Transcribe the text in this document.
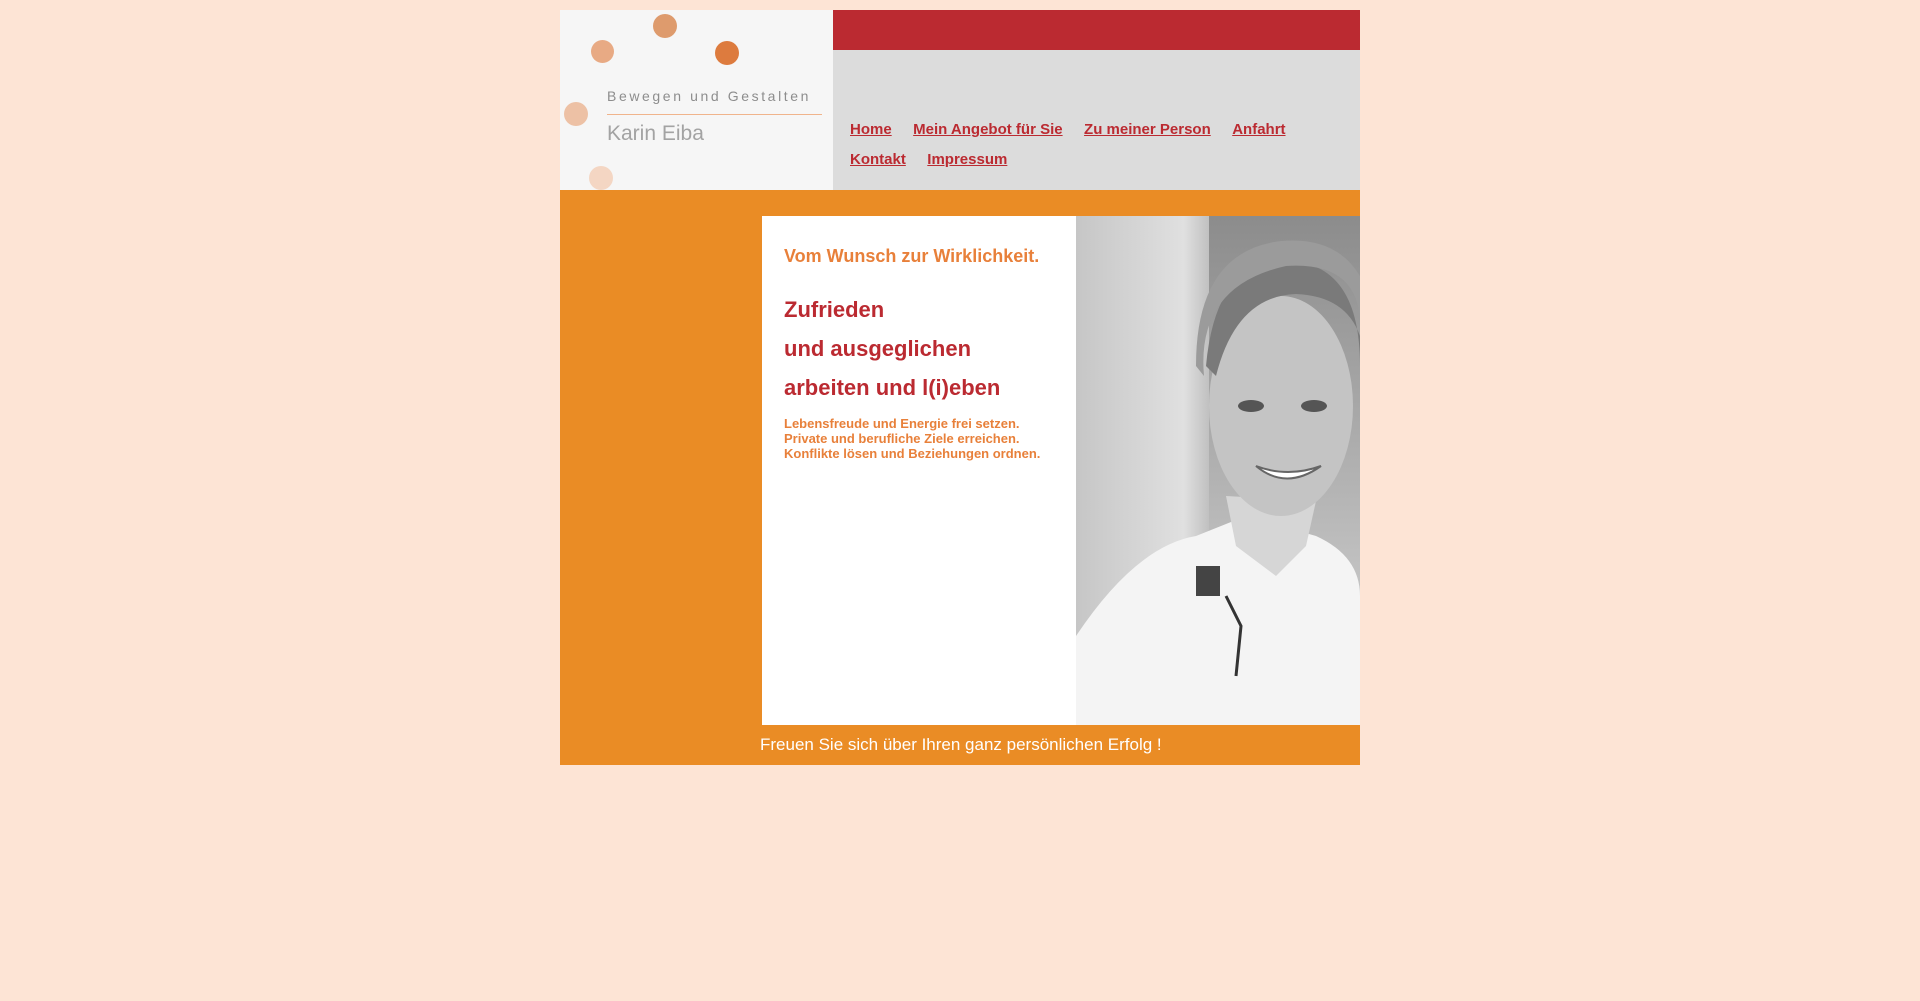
Bewegen und Gestalten
Karin Eiba	Home Mein Angebot für Sie Zu meiner Person Anfahrt Kontakt Impressum
Vom Wunsch zur Wirklichkeit.
Zufrieden
und ausgeglichen
arbeiten und l(i)eben
Lebensfreude und Energie frei setzen.
Private und berufliche Ziele erreichen.
Konflikte lösen und Beziehungen ordnen.
Freuen Sie sich über Ihren ganz persönlichen Erfolg !
